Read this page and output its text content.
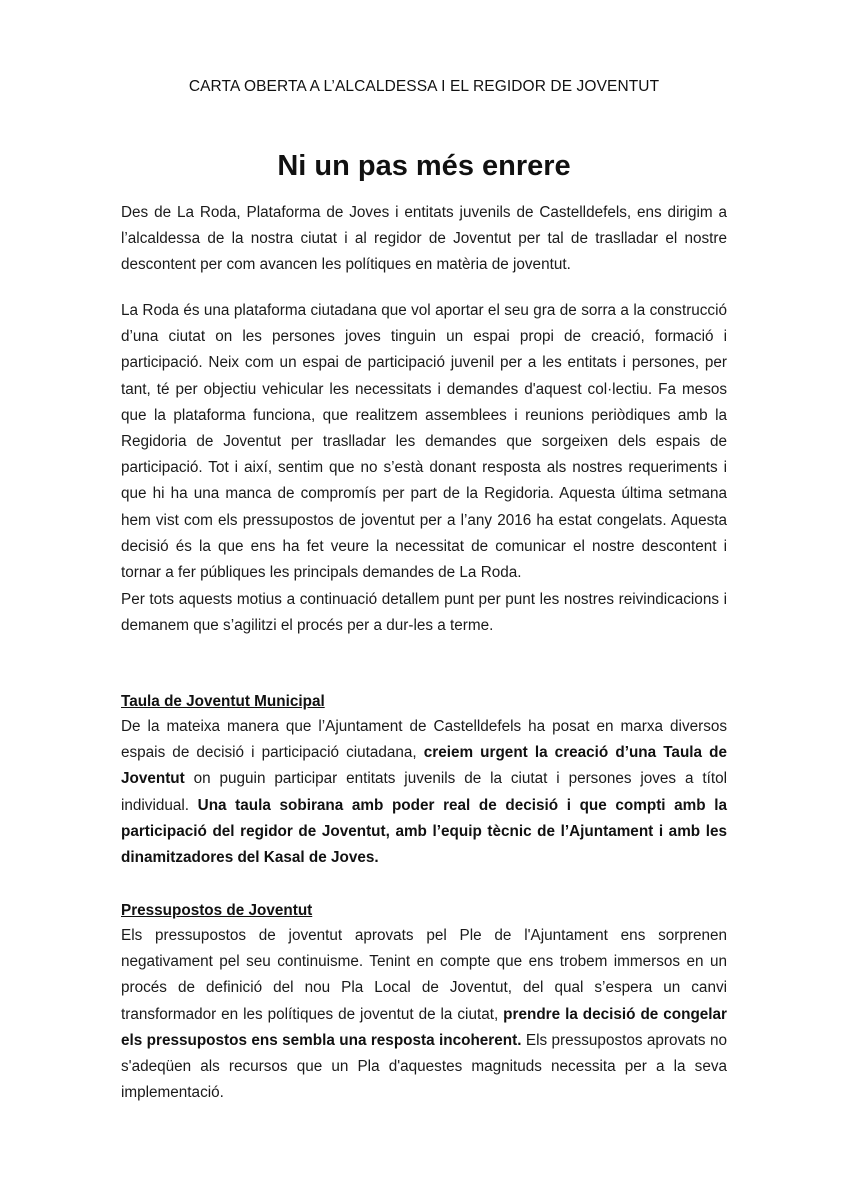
CARTA OBERTA A L’ALCALDESSA I EL REGIDOR DE JOVENTUT
Ni un pas més enrere

Des de La Roda, Plataforma de Joves i entitats juvenils de Castelldefels, ens dirigim a l’alcaldessa de la nostra ciutat i al regidor de Joventut per tal de traslladar el nostre descontent per com avancen les polítiques en matèria de joventut.

La Roda és una plataforma ciutadana que vol aportar el seu gra de sorra a la construcció d’una ciutat on les persones joves tinguin un espai propi de creació, formació i participació. Neix com un espai de participació juvenil per a les entitats i persones, per tant, té per objectiu vehicular les necessitats i demandes d'aquest col·lectiu. Fa mesos que la plataforma funciona, que realitzem assemblees i reunions periòdiques amb la Regidoria de Joventut per traslladar les demandes que sorgeixen dels espais de participació. Tot i així, sentim que no s’està donant resposta als nostres requeriments i que hi ha una manca de compromís per part de la Regidoria. Aquesta última setmana hem vist com els pressupostos de joventut per a l’any 2016 ha estat congelats. Aquesta decisió és la que ens ha fet veure la necessitat de comunicar el nostre descontent i tornar a fer públiques les principals demandes de La Roda.

Per tots aquests motius a continuació detallem punt per punt les nostres reivindicacions i demanem que s’agilitzi el procés per a dur-les a terme.

Taula de Joventut Municipal

De la mateixa manera que l’Ajuntament de Castelldefels ha posat en marxa diversos espais de decisió i participació ciutadana, creiem urgent la creació d’una Taula de Joventut on puguin participar entitats juvenils de la ciutat i persones joves a títol individual. Una taula sobirana amb poder real de decisió i que compti amb la participació del regidor de Joventut, amb l’equip tècnic de l’Ajuntament i amb les dinamitzadores del Kasal de Joves.

Pressupostos de Joventut

Els pressupostos de joventut aprovats pel Ple de l'Ajuntament ens sorprenen negativament pel seu continuisme. Tenint en compte que ens trobem immersos en un procés de definició del nou Pla Local de Joventut, del qual s’espera un canvi transformador en les polítiques de joventut de la ciutat, prendre la decisió de congelar els pressupostos ens sembla una resposta incoherent. Els pressupostos aprovats no s'adeqüen als recursos que un Pla d'aquestes magnituds necessita per a la seva implementació.
